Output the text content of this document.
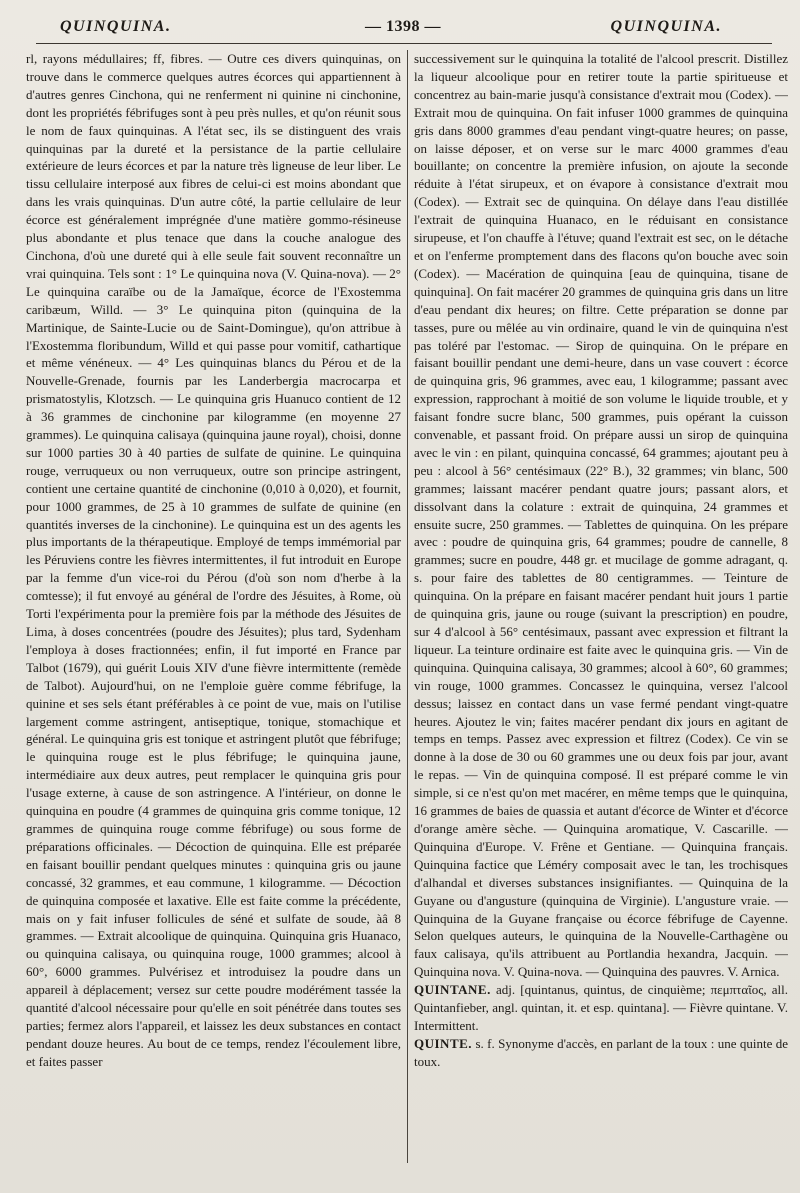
QUINQUINA.	— 1398 —	QUINQUINA.

rl, rayons médullaires; ff, fibres. — Outre ces divers quinquinas, on trouve dans le commerce quelques autres écorces qui appartiennent à d'autres genres Cinchona, qui ne renferment ni quinine ni cinchonine, dont les propriétés fébrifuges sont à peu près nulles, et qu'on réunit sous le nom de faux quinquinas. A l'état sec, ils se distinguent des vrais quinquinas par la dureté et la persistance de la partie cellulaire extérieure de leurs écorces et par la nature très ligneuse de leur liber. Le tissu cellulaire interposé aux fibres de celui-ci est moins abondant que dans les vrais quinquinas. D'un autre côté, la partie cellulaire de leur écorce est généralement imprégnée d'une matière gommo-résineuse plus abondante et plus tenace que dans la couche analogue des Cinchona, d'où une dureté qui à elle seule fait souvent reconnaître un vrai quinquina. Tels sont : 1° Le quinquina nova (V. Quina-nova). — 2° Le quinquina caraïbe ou de la Jamaïque, écorce de l'Exostemma caribæum, Willd. — 3° Le quinquina piton (quinquina de la Martinique, de Sainte-Lucie ou de Saint-Domingue), qu'on attribue à l'Exostemma floribundum, Willd et qui passe pour vomitif, cathartique et même vénéneux. — 4° Les quinquinas blancs du Pérou et de la Nouvelle-Grenade, fournis par les Landerbergia macrocarpa et prismatostylis, Klotzsch. — Le quinquina gris Huanuco contient de 12 à 36 grammes de cinchonine par kilogramme (en moyenne 27 grammes). Le quinquina calisaya (quinquina jaune royal), choisi, donne sur 1000 parties 30 à 40 parties de sulfate de quinine. Le quinquina rouge, verruqueux ou non verruqueux, outre son principe astringent, contient une certaine quantité de cinchonine (0,010 à 0,020), et fournit, pour 1000 grammes, de 25 à 10 grammes de sulfate de quinine (en quantités inverses de la cinchonine). Le quinquina est un des agents les plus importants de la thérapeutique. Employé de temps immémorial par les Péruviens contre les fièvres intermittentes, il fut introduit en Europe par la femme d'un vice-roi du Pérou (d'où son nom d'herbe à la comtesse); il fut envoyé au général de l'ordre des Jésuites, à Rome, où Torti l'expérimenta pour la première fois par la méthode des Jésuites de Lima, à doses concentrées (poudre des Jésuites); plus tard, Sydenham l'employa à doses fractionnées; enfin, il fut importé en France par Talbot (1679), qui guérit Louis XIV d'une fièvre intermittente (remède de Talbot). Aujourd'hui, on ne l'emploie guère comme fébrifuge, la quinine et ses sels étant préférables à ce point de vue, mais on l'utilise largement comme astringent, antiseptique, tonique, stomachique et général. Le quinquina gris est tonique et astringent plutôt que fébrifuge; le quinquina rouge est le plus fébrifuge; le quinquina jaune, intermédiaire aux deux autres, peut remplacer le quinquina gris pour l'usage externe, à cause de son astringence. A l'intérieur, on donne le quinquina en poudre (4 grammes de quinquina gris comme tonique, 12 grammes de quinquina rouge comme fébrifuge) ou sous forme de préparations officinales. — Décoction de quinquina. Elle est préparée en faisant bouillir pendant quelques minutes : quinquina gris ou jaune concassé, 32 grammes, et eau commune, 1 kilogramme. — Décoction de quinquina composée et laxative. Elle est faite comme la précédente, mais on y fait infuser follicules de séné et sulfate de soude, àâ 8 grammes. — Extrait alcoolique de quinquina. Quinquina gris Huanaco, ou quinquina calisaya, ou quinquina rouge, 1000 grammes; alcool à 60°, 6000 grammes. Pulvérisez et introduisez la poudre dans un appareil à déplacement; versez sur cette poudre modérément tassée la quantité d'alcool nécessaire pour qu'elle en soit pénétrée dans toutes ses parties; fermez alors l'appareil, et laissez les deux substances en contact pendant douze heures. Au bout de ce temps, rendez l'écoulement libre, et faites passer

successivement sur le quinquina la totalité de l'alcool prescrit. Distillez la liqueur alcoolique pour en retirer toute la partie spiritueuse et concentrez au bain-marie jusqu'à consistance d'extrait mou (Codex). — Extrait mou de quinquina. On fait infuser 1000 grammes de quinquina gris dans 8000 grammes d'eau pendant vingt-quatre heures; on passe, on laisse déposer, et on verse sur le marc 4000 grammes d'eau bouillante; on concentre la première infusion, on ajoute la seconde réduite à l'état sirupeux, et on évapore à consistance d'extrait mou (Codex). — Extrait sec de quinquina. On délaye dans l'eau distillée l'extrait de quinquina Huanaco, en le réduisant en consistance sirupeuse, et l'on chauffe à l'étuve; quand l'extrait est sec, on le détache et on l'enferme promptement dans des flacons qu'on bouche avec soin (Codex). — Macération de quinquina [eau de quinquina, tisane de quinquina]. On fait macérer 20 grammes de quinquina gris dans un litre d'eau pendant dix heures; on filtre. Cette préparation se donne par tasses, pure ou mêlée au vin ordinaire, quand le vin de quinquina n'est pas toléré par l'estomac. — Sirop de quinquina. On le prépare en faisant bouillir pendant une demi-heure, dans un vase couvert : écorce de quinquina gris, 96 grammes, avec eau, 1 kilogramme; passant avec expression, rapprochant à moitié de son volume le liquide trouble, et y faisant fondre sucre blanc, 500 grammes, puis opérant la cuisson convenable, et passant froid. On prépare aussi un sirop de quinquina avec le vin : en pilant, quinquina concassé, 64 grammes; ajoutant peu à peu : alcool à 56° centésimaux (22° B.), 32 grammes; vin blanc, 500 grammes; laissant macérer pendant quatre jours; passant alors, et dissolvant dans la colature : extrait de quinquina, 24 grammes et ensuite sucre, 250 grammes. — Tablettes de quinquina. On les prépare avec : poudre de quinquina gris, 64 grammes; poudre de cannelle, 8 grammes; sucre en poudre, 448 gr. et mucilage de gomme adragant, q. s. pour faire des tablettes de 80 centigrammes. — Teinture de quinquina. On la prépare en faisant macérer pendant huit jours 1 partie de quinquina gris, jaune ou rouge (suivant la prescription) en poudre, sur 4 d'alcool à 56° centésimaux, passant avec expression et filtrant la liqueur. La teinture ordinaire est faite avec le quinquina gris. — Vin de quinquina. Quinquina calisaya, 30 grammes; alcool à 60°, 60 grammes; vin rouge, 1000 grammes. Concassez le quinquina, versez l'alcool dessus; laissez en contact dans un vase fermé pendant vingt-quatre heures. Ajoutez le vin; faites macérer pendant dix jours en agitant de temps en temps. Passez avec expression et filtrez (Codex). Ce vin se donne à la dose de 30 ou 60 grammes une ou deux fois par jour, avant le repas. — Vin de quinquina composé. Il est préparé comme le vin simple, si ce n'est qu'on met macérer, en même temps que le quinquina, 16 grammes de baies de quassia et autant d'écorce de Winter et d'écorce d'orange amère sèche. — Quinquina aromatique, V. Cascarille. — Quinquina d'Europe. V. Frêne et Gentiane. — Quinquina français. Quinquina factice que Léméry composait avec le tan, les trochisques d'alhandal et diverses substances insignifiantes. — Quinquina de la Guyane ou d'angusture (quinquina de Virginie). L'angusture vraie. — Quinquina de la Guyane française ou écorce fébrifuge de Cayenne. Selon quelques auteurs, le quinquina de la Nouvelle-Carthagène ou faux calisaya, qu'ils attribuent au Portlandia hexandra, Jacquin. — Quinquina nova. V. Quina-nova. — Quinquina des pauvres. V. Arnica.

QUINTANE. adj. [quintanus, quintus, de cinquième; πεμπταῖος, all. Quintanfieber, angl. quintan, it. et esp. quintana]. — Fièvre quintane. V. Intermittent.

QUINTE. s. f. Synonyme d'accès, en parlant de la toux : une quinte de toux.
